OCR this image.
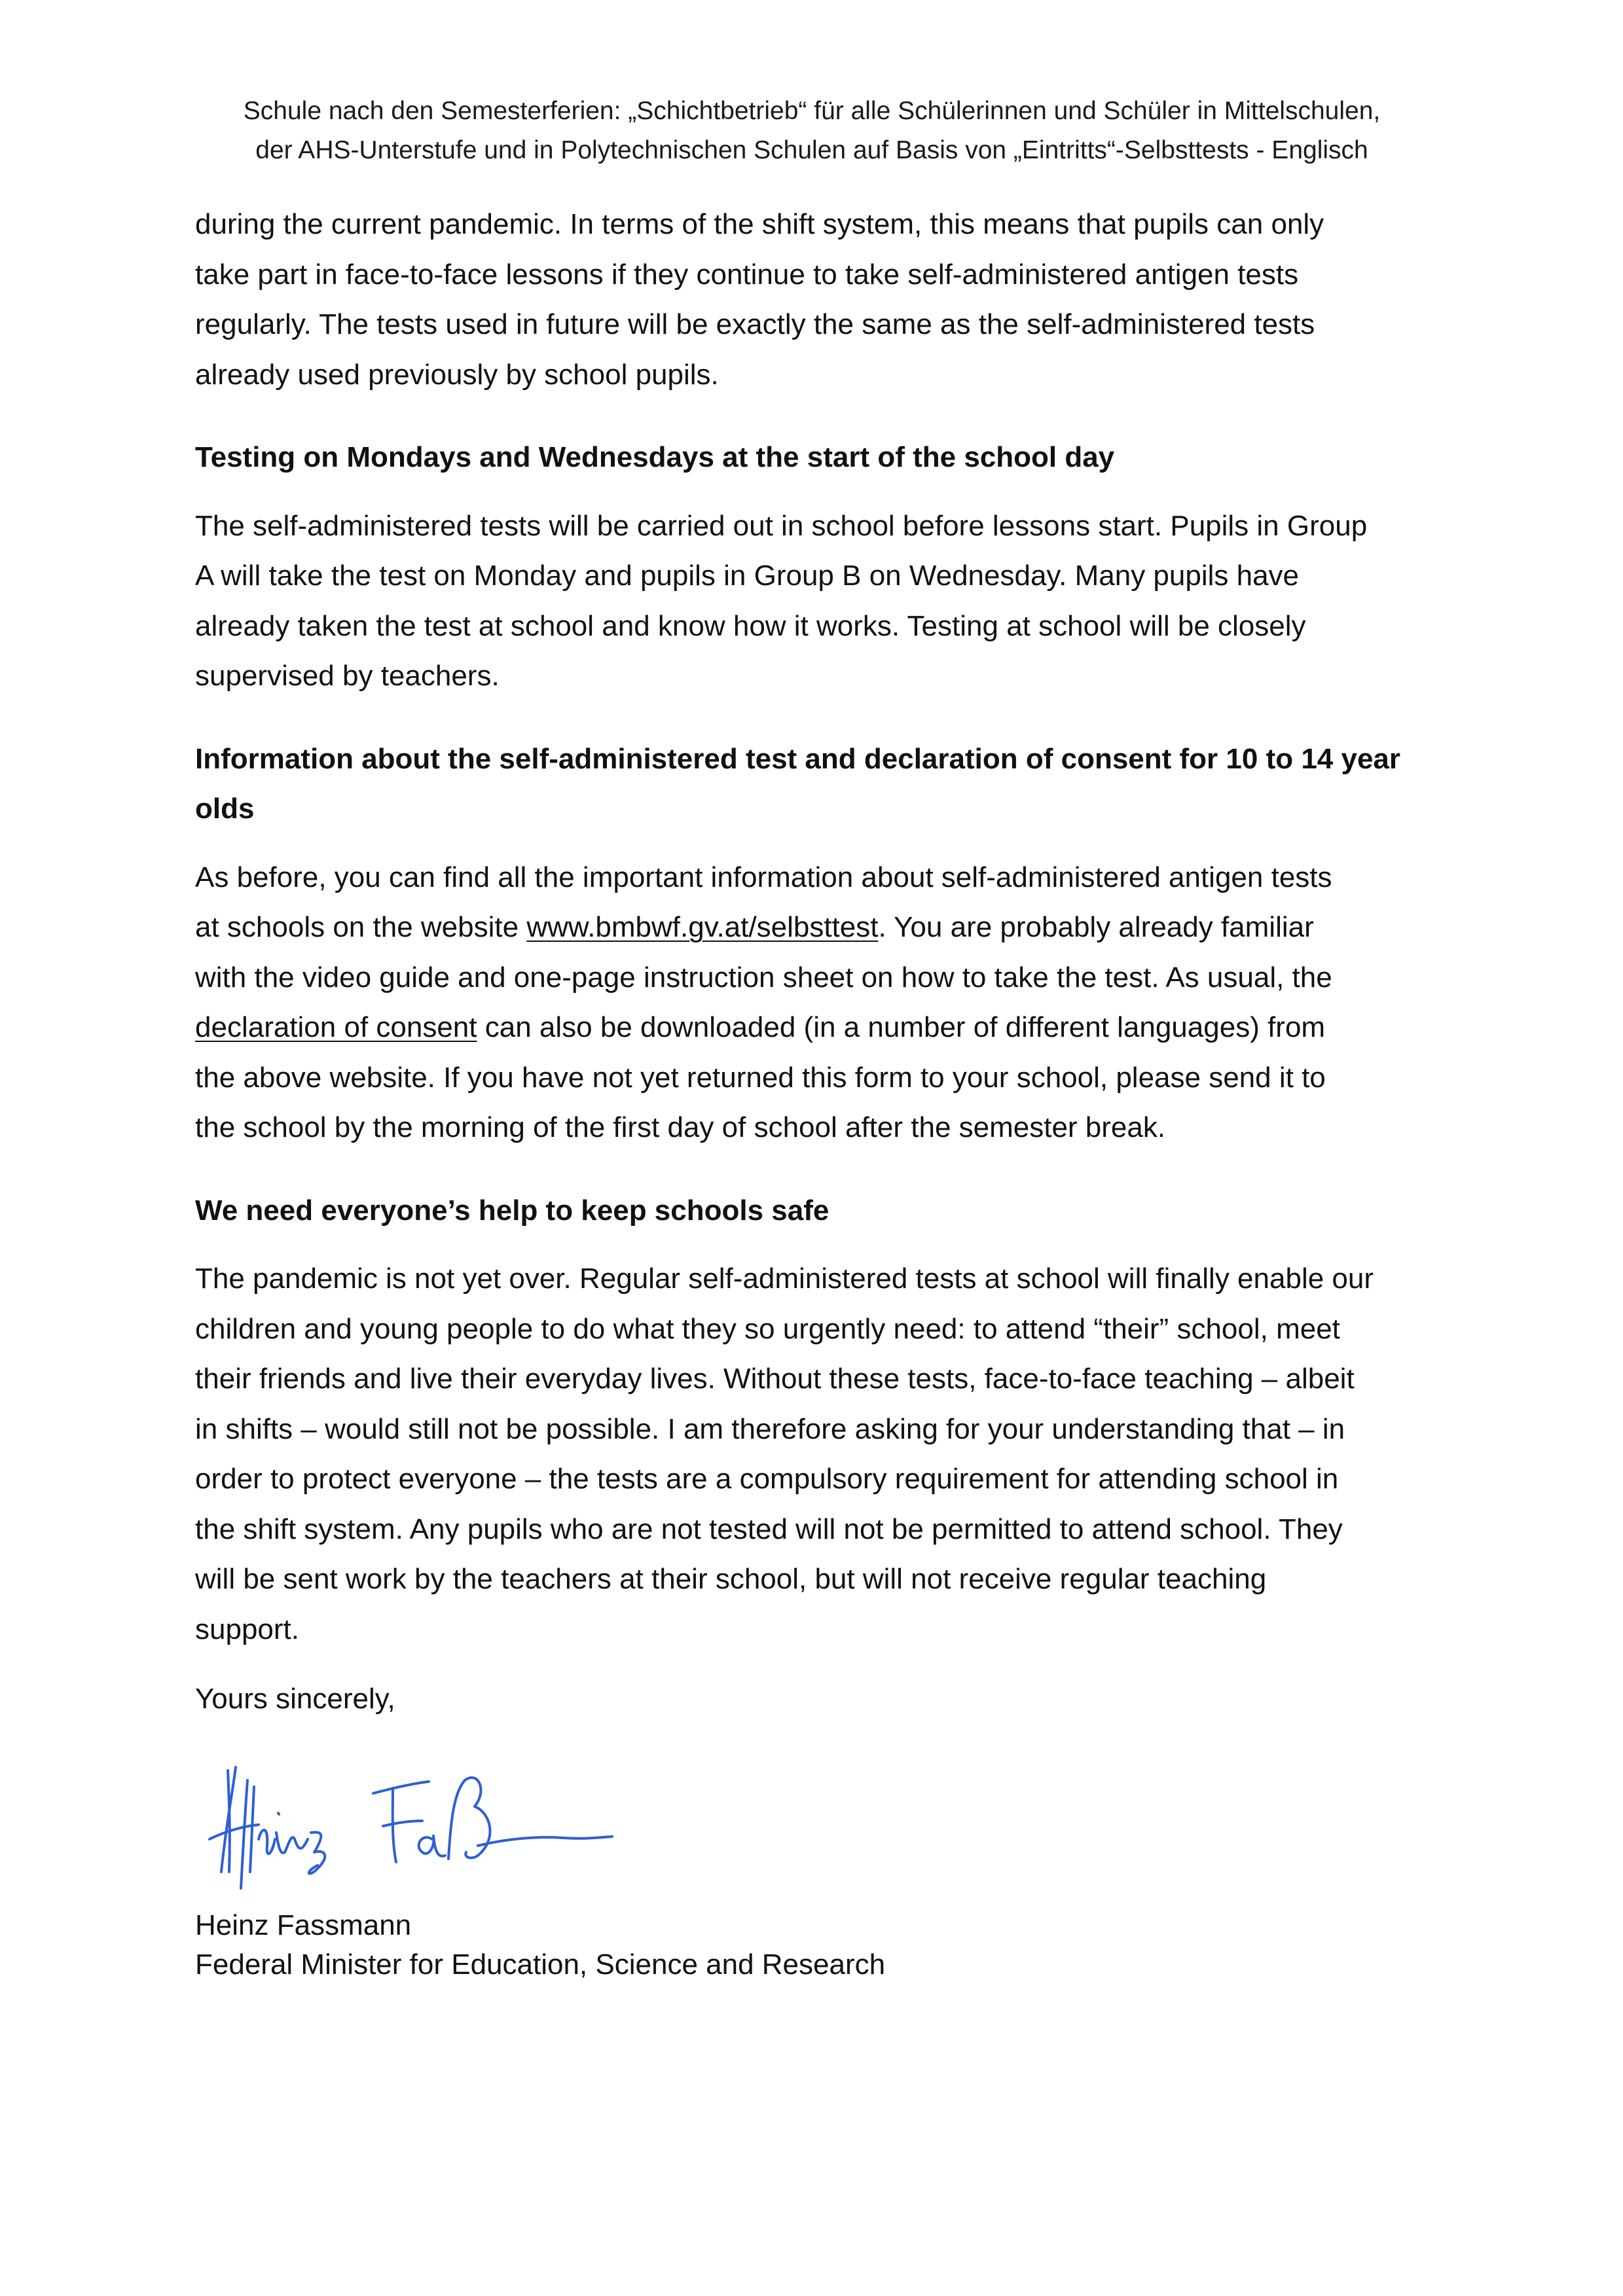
Schule nach den Semesterferien: „Schichtbetrieb“ für alle Schülerinnen und Schüler in Mittelschulen,
der AHS-Unterstufe und in Polytechnischen Schulen auf Basis von „Eintritts“-Selbsttests - Englisch

during the current pandemic. In terms of the shift system, this means that pupils can only
take part in face-to-face lessons if they continue to take self-administered antigen tests
regularly. The tests used in future will be exactly the same as the self-administered tests
already used previously by school pupils.

Testing on Mondays and Wednesdays at the start of the school day

The self-administered tests will be carried out in school before lessons start. Pupils in Group
A will take the test on Monday and pupils in Group B on Wednesday. Many pupils have
already taken the test at school and know how it works. Testing at school will be closely
supervised by teachers.

Information about the self-administered test and declaration of consent for 10 to 14 year
olds

As before, you can find all the important information about self-administered antigen tests
at schools on the website www.bmbwf.gv.at/selbsttest. You are probably already familiar
with the video guide and one-page instruction sheet on how to take the test. As usual, the
declaration of consent can also be downloaded (in a number of different languages) from
the above website. If you have not yet returned this form to your school, please send it to
the school by the morning of the first day of school after the semester break.

We need everyone’s help to keep schools safe

The pandemic is not yet over. Regular self-administered tests at school will finally enable our
children and young people to do what they so urgently need: to attend “their” school, meet
their friends and live their everyday lives. Without these tests, face-to-face teaching – albeit
in shifts – would still not be possible. I am therefore asking for your understanding that – in
order to protect everyone – the tests are a compulsory requirement for attending school in
the shift system. Any pupils who are not tested will not be permitted to attend school. They
will be sent work by the teachers at their school, but will not receive regular teaching
support.

Yours sincerely,

Heinz Fassmann
Federal Minister for Education, Science and Research
